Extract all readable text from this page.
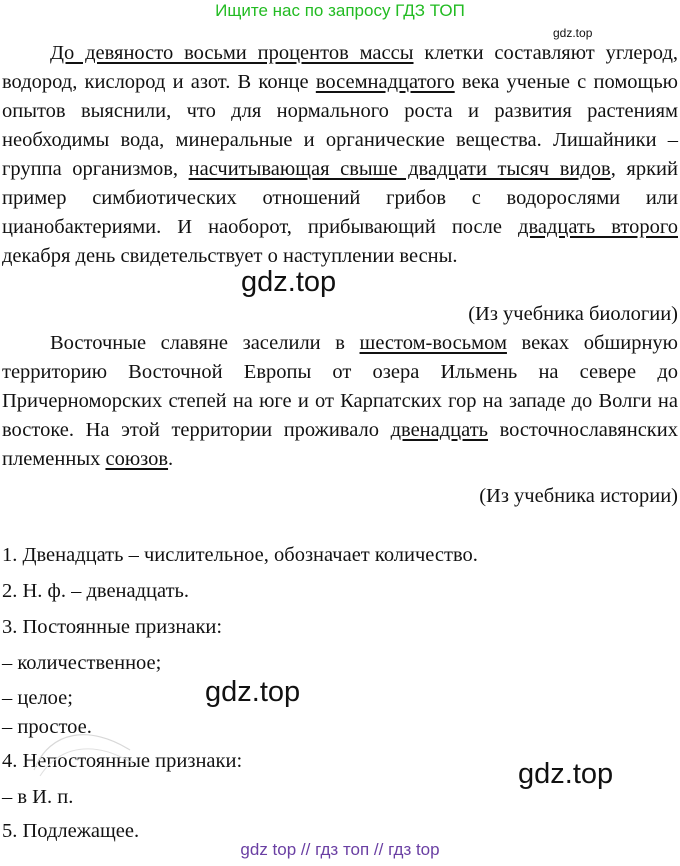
Ищите нас по запросу ГДЗ ТОП
gdz.top

До девяносто восьми процентов массы клетки составляют углерод, водород, кислород и азот. В конце восемнадцатого века ученые с помощью опытов выяснили, что для нормального роста и развития растениям необходимы вода, минеральные и органические вещества. Лишайники – группа организмов, насчитывающая свыше двадцати тысяч видов, яркий пример симбиотических отношений грибов с водорослями или цианобактериями. И наоборот, прибывающий после двадцать второго декабря день свидетельствует о наступлении весны.

(Из учебника биологии)

Восточные славяне заселили в шестом-восьмом веках обширную территорию Восточной Европы от озера Ильмень на севере до Причерноморских степей на юге и от Карпатских гор на западе до Волги на востоке. На этой территории проживало двенадцать восточнославянских племенных союзов.

(Из учебника истории)

gdz.top
1. Двенадцать – числительное, обозначает количество.
2. Н. ф. – двенадцать.
3. Постоянные признаки:
– количественное;
– целое;
– простое.
4. Непостоянные признаки:
– в И. п.
5. Подлежащее.
gdz.top
gdz.top
gdz top // гдз топ // гдз top
